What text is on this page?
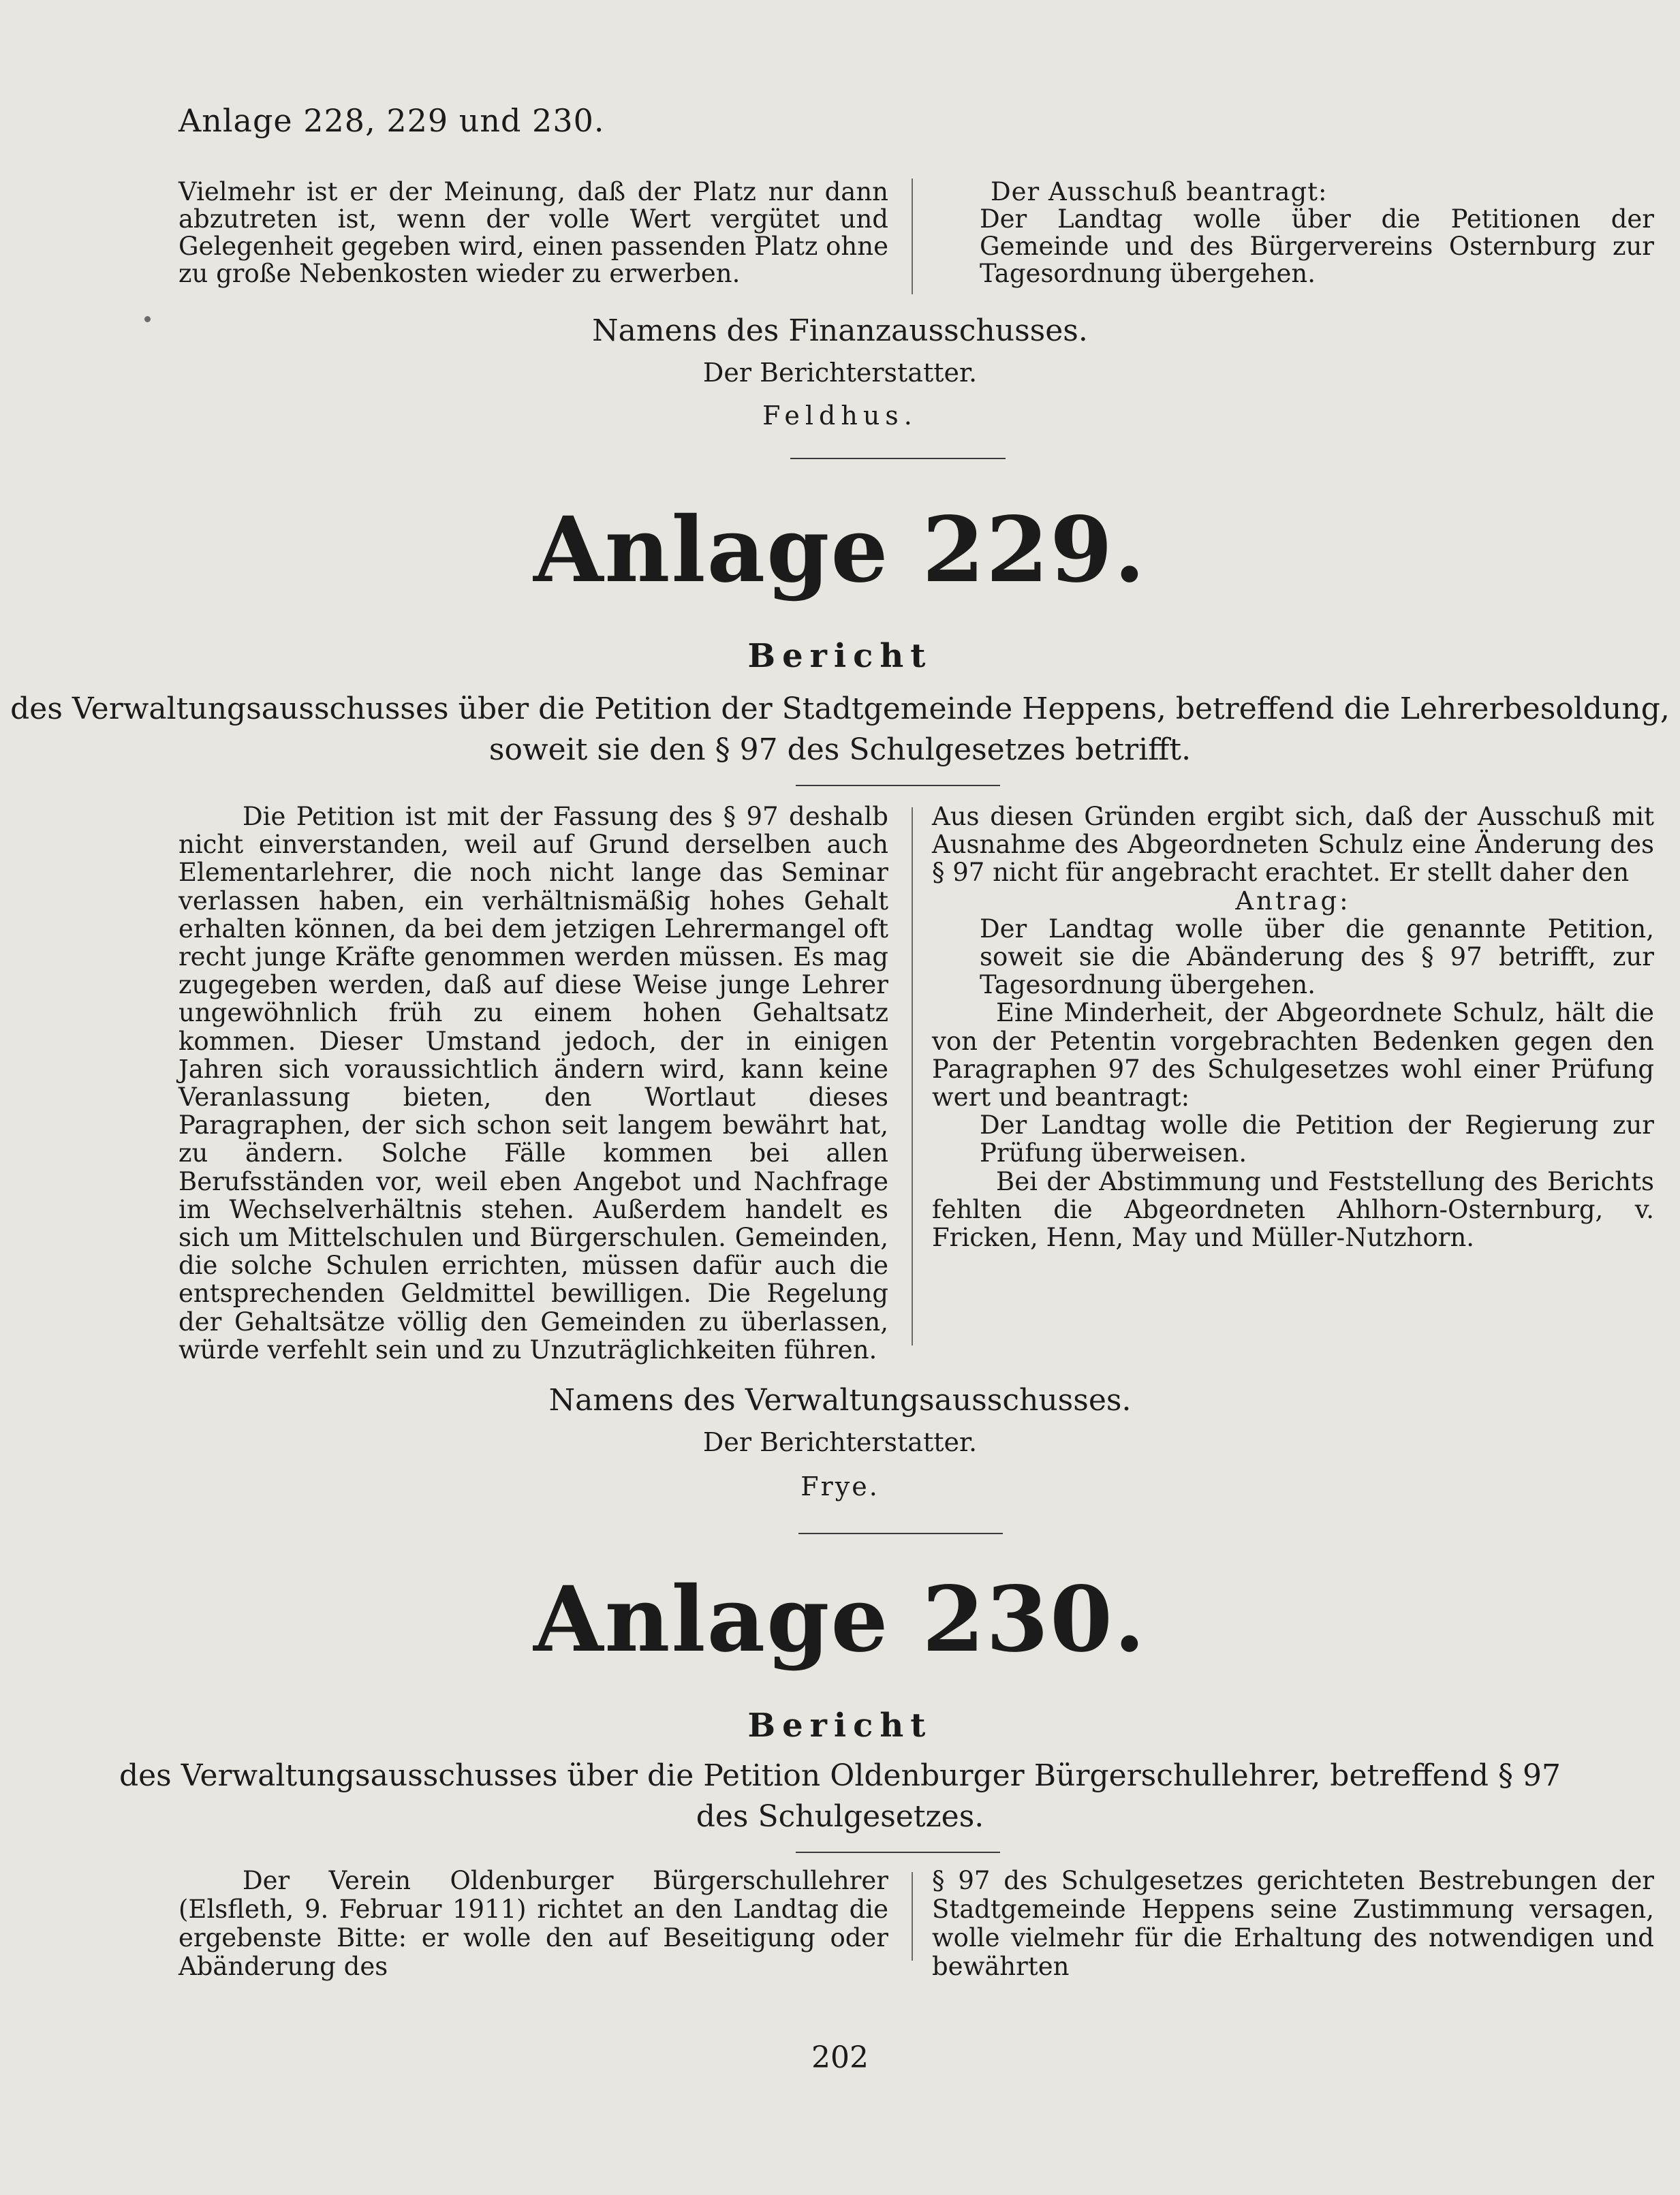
Anlage 228, 229 und 230.

Vielmehr ist er der Meinung, daß der Platz nur dann abzutreten ist, wenn der volle Wert vergütet und Gelegenheit gegeben wird, einen passenden Platz ohne zu große Nebenkosten wieder zu erwerben.

Der Ausschuß beantragt:

Der Landtag wolle über die Petitionen der Gemeinde und des Bürgervereins Osternburg zur Tagesordnung übergehen.

Namens des Finanzausschusses.
Der Berichterstatter.
Feldhus.
Anlage 229.
Bericht
des Verwaltungsausschusses über die Petition der Stadtgemeinde Heppens, betreffend die Lehrerbesoldung,
soweit sie den § 97 des Schulgesetzes betrifft.

Die Petition ist mit der Fassung des § 97 deshalb nicht einverstanden, weil auf Grund derselben auch Elementarlehrer, die noch nicht lange das Seminar verlassen haben, ein verhältnismäßig hohes Gehalt erhalten können, da bei dem jetzigen Lehrermangel oft recht junge Kräfte genommen werden müssen. Es mag zugegeben werden, daß auf diese Weise junge Lehrer ungewöhnlich früh zu einem hohen Gehaltsatz kommen. Dieser Umstand jedoch, der in einigen Jahren sich voraussichtlich ändern wird, kann keine Veranlassung bieten, den Wortlaut dieses Paragraphen, der sich schon seit langem bewährt hat, zu ändern. Solche Fälle kommen bei allen Berufsständen vor, weil eben Angebot und Nachfrage im Wechselverhältnis stehen. Außerdem handelt es sich um Mittelschulen und Bürgerschulen. Gemeinden, die solche Schulen errichten, müssen dafür auch die entsprechenden Geldmittel bewilligen. Die Regelung der Gehaltsätze völlig den Gemeinden zu überlassen, würde verfehlt sein und zu Unzuträglichkeiten führen.

Aus diesen Gründen ergibt sich, daß der Ausschuß mit Ausnahme des Abgeordneten Schulz eine Änderung des § 97 nicht für angebracht erachtet. Er stellt daher den

Antrag:

Der Landtag wolle über die genannte Petition, soweit sie die Abänderung des § 97 betrifft, zur Tagesordnung übergehen.

Eine Minderheit, der Abgeordnete Schulz, hält die von der Petentin vorgebrachten Bedenken gegen den Paragraphen 97 des Schulgesetzes wohl einer Prüfung wert und beantragt:

Der Landtag wolle die Petition der Regierung zur Prüfung überweisen.

Bei der Abstimmung und Feststellung des Berichts fehlten die Abgeordneten Ahlhorn-Osternburg, v. Fricken, Henn, May und Müller-Nutzhorn.

Namens des Verwaltungsausschusses.
Der Berichterstatter.
Frye.
Anlage 230.
Bericht
des Verwaltungsausschusses über die Petition Oldenburger Bürgerschullehrer, betreffend § 97
des Schulgesetzes.

Der Verein Oldenburger Bürgerschullehrer (Elsfleth, 9. Februar 1911) richtet an den Landtag die ergebenste Bitte: er wolle den auf Beseitigung oder Abänderung des

§ 97 des Schulgesetzes gerichteten Bestrebungen der Stadtgemeinde Heppens seine Zustimmung versagen, wolle vielmehr für die Erhaltung des notwendigen und bewährten

202
